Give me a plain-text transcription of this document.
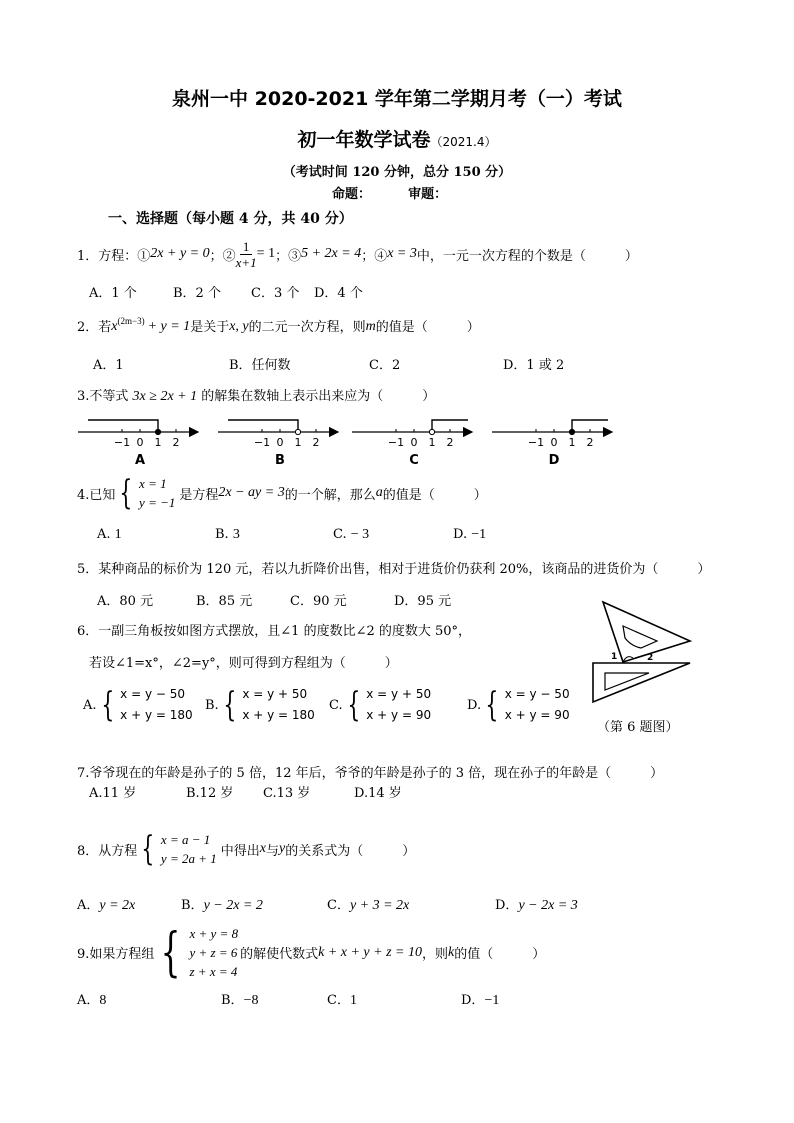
泉州一中 2020-2021 学年第二学期月考（一）考试
初一年数学试卷（2021.4）
（考试时间 120 分钟，总分 150 分）
命题：	审题：
一、选择题（每小题 4 分，共 40 分）
1．方程：① 2x + y = 0 ；② $\frac{1}{x+1} = 1$ ；③ 5 + 2x = 4 ；④ x = 3 中，一元一次方程的个数是（　　　）
A．1 个	B．2 个 C．3 个 D．4 个
2．若 x (2m−3) + y = 1 是关于 x, y 的二元一次方程，则 m 的值是（　　　）
A．1	B．任何数	C．2	D．1 或 2
3.不等式 3x ≥ 2x + 1 的解集在数轴上表示出来应为（　　　）
−1 0 1 2
A
−1 0 1 2
B
−1 0 1 2
C
−1 0 1 2
D
4.已知 { x = 1
y = −1 是方程 2x − ay = 3 的一个解，那么 a 的值是（　　　）
A. 1	B. 3	C. − 3	D. −1
5．某种商品的标价为 120 元，若以九折降价出售，相对于进货价仍获利 20%，该商品的进货价为（　　　）
A．80 元	B．85 元	C．90 元	D．95 元
6．一副三角板按如图方式摆放，且∠1 的度数比∠2 的度数大 50°，
若设∠1=x°，∠2=y°，则可得到方程组为（　　　）
A. { x = y − 50
x + y = 180
B. { x = y + 50
x + y = 180
C. { x = y + 50
x + y = 90
D. { x = y − 50
x + y = 90
1	2
（第 6 题图）
7.爷爷现在的年龄是孙子的 5 倍，12 年后，爷爷的年龄是孙子的 3 倍，现在孙子的年龄是（　　　）
A.11 岁	B.12 岁 C.13 岁	D.14 岁
8．从方程 { x = a − 1
y = 2a + 1 中得出 x 与 y 的关系式为（　　　）
A．y = 2x	B．y − 2x = 2	C．y + 3 = 2x	D．y − 2x = 3
9.如果方程组 { x + y = 8
y + z = 6
z + x = 4
的解使代数式 k + x + y + z = 10 ，则 k 的值（　　　）
A．8	B．−8	C．1	D．−1
